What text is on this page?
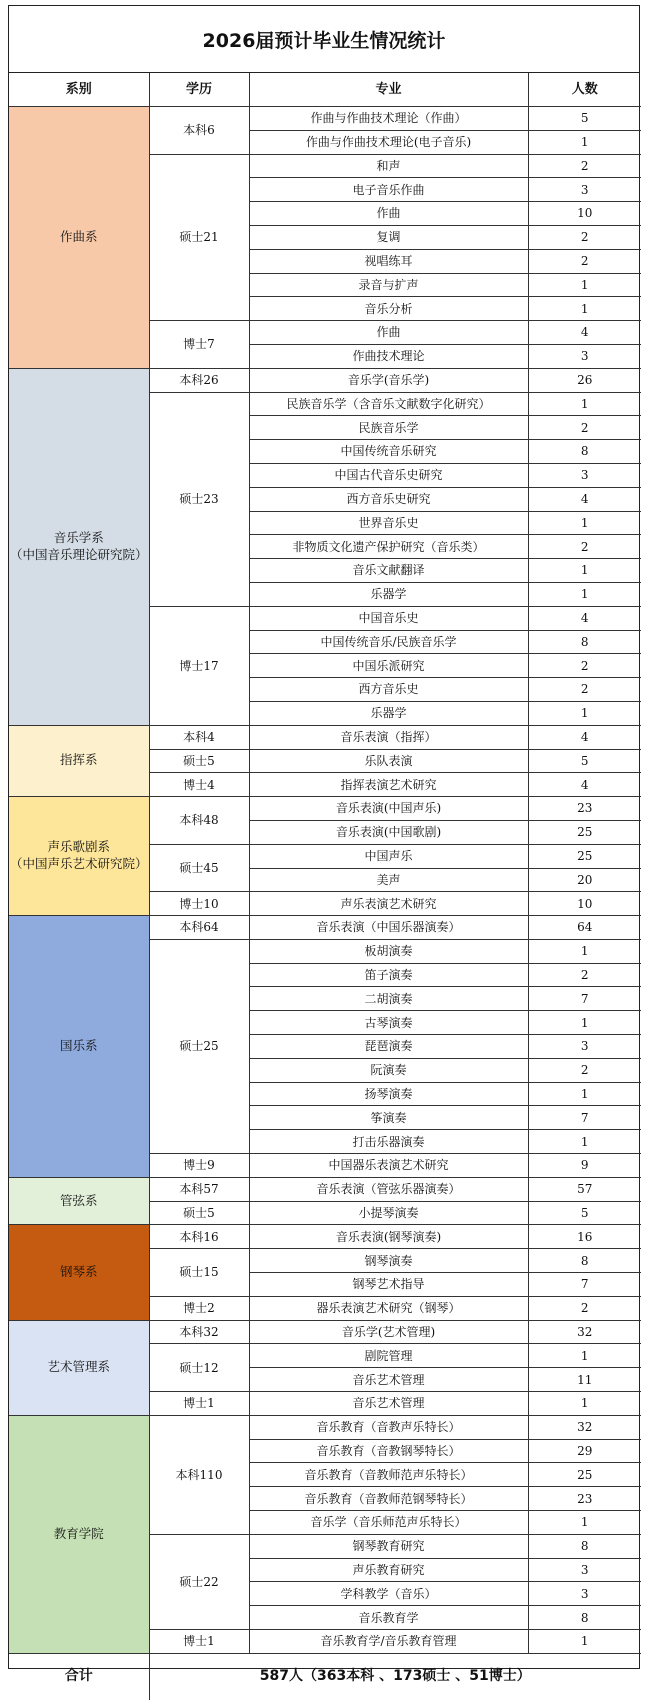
2026届预计毕业生情况统计
系别	学历	专业	人数

作曲系	本科6	作曲与作曲技术理论（作曲）	5
		作曲与作曲技术理论(电子音乐)	1
	硕士21	和声	2
		电子音乐作曲	3
		作曲	10
		复调	2
		视唱练耳	2
		录音与扩声	1
		音乐分析	1
	博士7	作曲	4
		作曲技术理论	3

音乐学系
（中国音乐理论研究院）	本科26	音乐学(音乐学)	26
	硕士23	民族音乐学（含音乐文献数字化研究）	1
		民族音乐学	2
		中国传统音乐研究	8
		中国古代音乐史研究	3
		西方音乐史研究	4
		世界音乐史	1
		非物质文化遗产保护研究（音乐类）	2
		音乐文献翻译	1
		乐器学	1
	博士17	中国音乐史	4
		中国传统音乐/民族音乐学	8
		中国乐派研究	2
		西方音乐史	2
		乐器学	1

指挥系	本科4	音乐表演（指挥）	4
	硕士5	乐队表演	5
	博士4	指挥表演艺术研究	4

声乐歌剧系
（中国声乐艺术研究院）	本科48	音乐表演(中国声乐)	23
		音乐表演(中国歌剧)	25
	硕士45	中国声乐	25
		美声	20
	博士10	声乐表演艺术研究	10

国乐系	本科64	音乐表演（中国乐器演奏）	64
	硕士25	板胡演奏	1
		笛子演奏	2
		二胡演奏	7
		古琴演奏	1
		琵琶演奏	3
		阮演奏	2
		扬琴演奏	1
		筝演奏	7
		打击乐器演奏	1
	博士9	中国器乐表演艺术研究	9

管弦系	本科57	音乐表演（管弦乐器演奏）	57
	硕士5	小提琴演奏	5

钢琴系	本科16	音乐表演(钢琴演奏)	16
	硕士15	钢琴演奏	8
		钢琴艺术指导	7
	博士2	器乐表演艺术研究（钢琴）	2

艺术管理系	本科32	音乐学(艺术管理)	32
	硕士12	剧院管理	1
		音乐艺术管理	11
	博士1	音乐艺术管理	1

教育学院	本科110	音乐教育（音教声乐特长）	32
		音乐教育（音教钢琴特长）	29
		音乐教育（音教师范声乐特长）	25
		音乐教育（音教师范钢琴特长）	23
		音乐学（音乐师范声乐特长）	1
	硕士22	钢琴教育研究	8
		声乐教育研究	3
		学科教学（音乐）	3
		音乐教育学	8
	博士1	音乐教育学/音乐教育管理	1
合计	587人（363本科 、173硕士 、51博士）		
